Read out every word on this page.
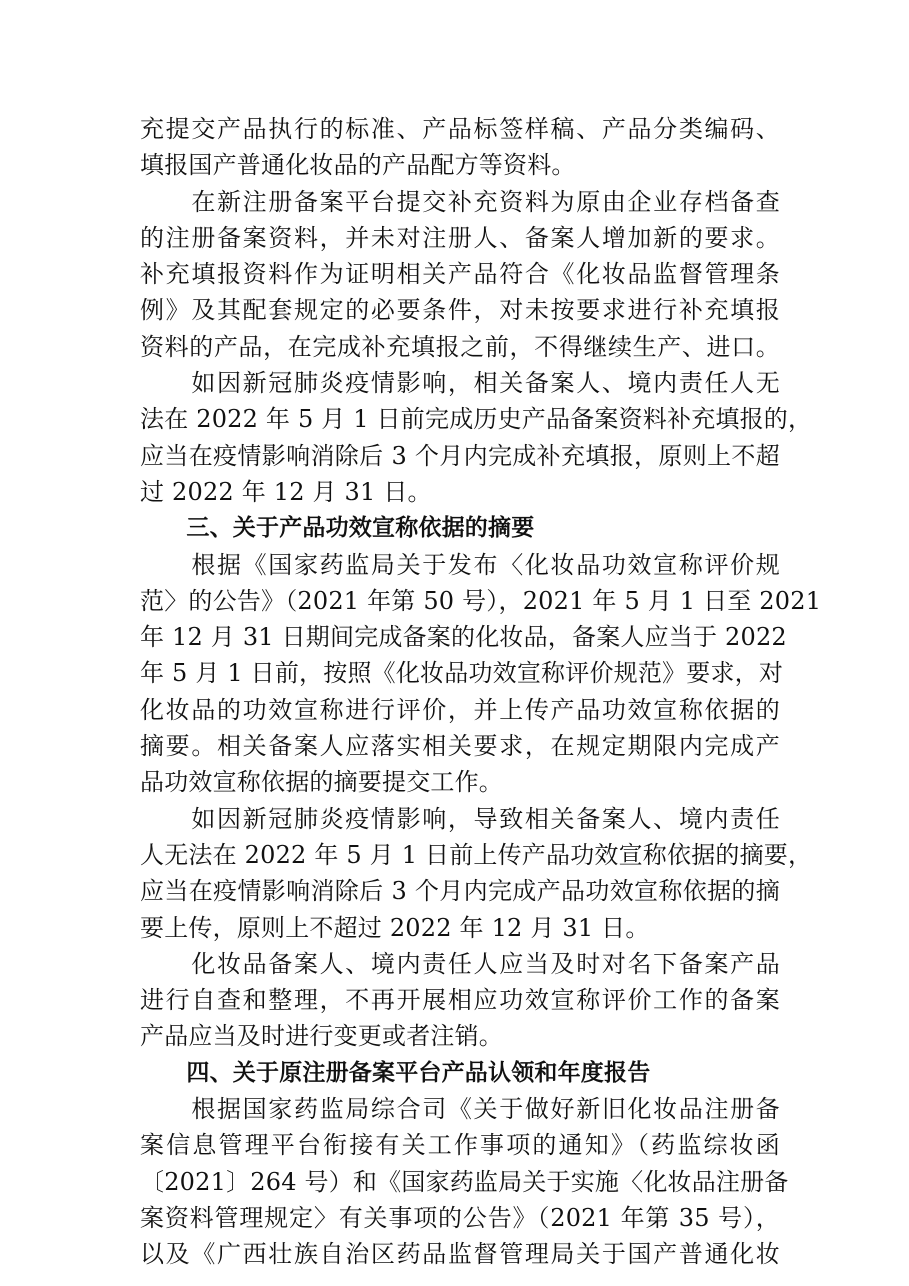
充提交产品执行的标准、产品标签样稿、产品分类编码、
填报国产普通化妆品的产品配方等资料。
　　在新注册备案平台提交补充资料为原由企业存档备查
的注册备案资料，并未对注册人、备案人增加新的要求。
补充填报资料作为证明相关产品符合《化妆品监督管理条
例》及其配套规定的必要条件，对未按要求进行补充填报
资料的产品，在完成补充填报之前，不得继续生产、进口。
　　如因新冠肺炎疫情影响，相关备案人、境内责任人无
法在 2022 年 5 月 1 日前完成历史产品备案资料补充填报的，
应当在疫情影响消除后 3 个月内完成补充填报，原则上不超
过 2022 年 12 月 31 日。
　　三、关于产品功效宣称依据的摘要
　　根据《国家药监局关于发布〈化妆品功效宣称评价规
范〉的公告》（2021 年第 50 号），2021 年 5 月 1 日至 2021
年 12 月 31 日期间完成备案的化妆品，备案人应当于 2022
年 5 月 1 日前，按照《化妆品功效宣称评价规范》要求，对
化妆品的功效宣称进行评价，并上传产品功效宣称依据的
摘要。相关备案人应落实相关要求，在规定期限内完成产
品功效宣称依据的摘要提交工作。
　　如因新冠肺炎疫情影响，导致相关备案人、境内责任
人无法在 2022 年 5 月 1 日前上传产品功效宣称依据的摘要，
应当在疫情影响消除后 3 个月内完成产品功效宣称依据的摘
要上传，原则上不超过 2022 年 12 月 31 日。
　　化妆品备案人、境内责任人应当及时对名下备案产品
进行自查和整理，不再开展相应功效宣称评价工作的备案
产品应当及时进行变更或者注销。
　　四、关于原注册备案平台产品认领和年度报告
　　根据国家药监局综合司《关于做好新旧化妆品注册备
案信息管理平台衔接有关工作事项的通知》（药监综妆函
〔2021〕264 号）和《国家药监局关于实施〈化妆品注册备
案资料管理规定〉有关事项的公告》（2021 年第 35 号），
以及《广西壮族自治区药品监督管理局关于国产普通化妆
